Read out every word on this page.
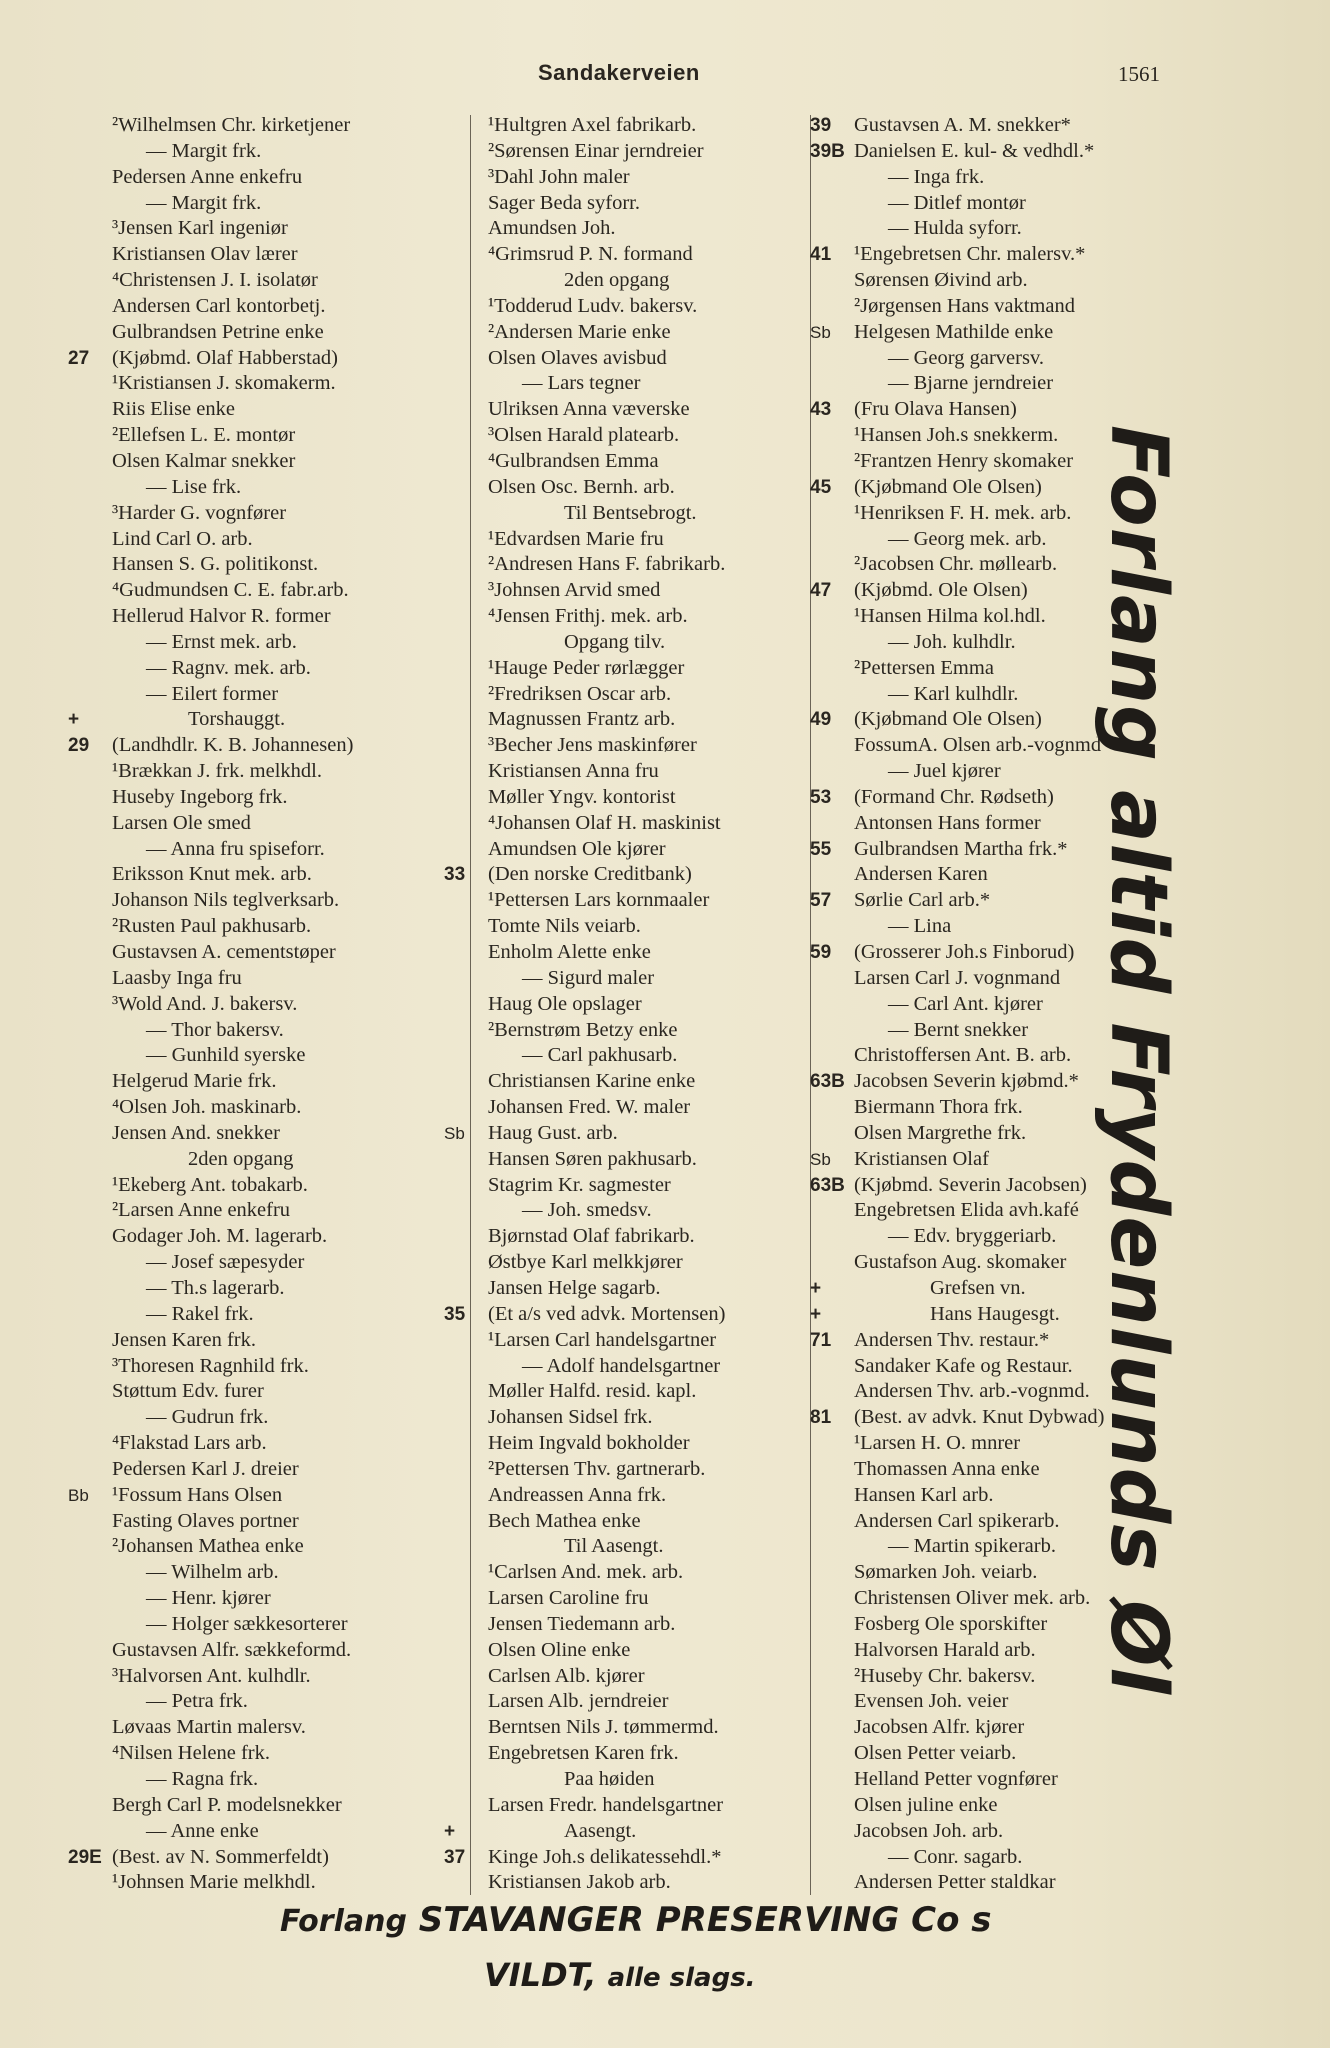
Sandakerveien	1561
²Wilhelmsen Chr. kirketjener
— Margit frk.
Pedersen Anne enkefru
— Margit frk.
³Jensen Karl ingeniør
Kristiansen Olav lærer
⁴Christensen J. I. isolatør
Andersen Carl kontorbetj.
Gulbrandsen Petrine enke
27	(Kjøbmd. Olaf Habberstad)
¹Kristiansen J. skomakerm.
Riis Elise enke
²Ellefsen L. E. montør
Olsen Kalmar snekker
— Lise frk.
³Harder G. vognfører
Lind Carl O. arb.
Hansen S. G. politikonst.
⁴Gudmundsen C. E. fabr.arb.
Hellerud Halvor R. former
— Ernst mek. arb.
— Ragnv. mek. arb.
— Eilert former
+	Torshauggt.
29	(Landhdlr. K. B. Johannesen)
¹Brækkan J. frk. melkhdl.
Huseby Ingeborg frk.
Larsen Ole smed
— Anna fru spiseforr.
Eriksson Knut mek. arb.
Johanson Nils teglverksarb.
²Rusten Paul pakhusarb.
Gustavsen A. cementstøper
Laasby Inga fru
³Wold And. J. bakersv.
— Thor bakersv.
— Gunhild syerske
Helgerud Marie frk.
⁴Olsen Joh. maskinarb.
Jensen And. snekker
2den opgang
¹Ekeberg Ant. tobakarb.
²Larsen Anne enkefru
Godager Joh. M. lagerarb.
— Josef sæpesyder
— Th.s lagerarb.
— Rakel frk.
Jensen Karen frk.
³Thoresen Ragnhild frk.
Støttum Edv. furer
— Gudrun frk.
⁴Flakstad Lars arb.
Pedersen Karl J. dreier
Bb	¹Fossum Hans Olsen
Fasting Olaves portner
²Johansen Mathea enke
— Wilhelm arb.
— Henr. kjører
— Holger sækkesorterer
Gustavsen Alfr. sækkeformd.
³Halvorsen Ant. kulhdlr.
— Petra frk.
Løvaas Martin malersv.
⁴Nilsen Helene frk.
— Ragna frk.
Bergh Carl P. modelsnekker
— Anne enke
29E (Best. av N. Sommerfeldt)
¹Johnsen Marie melkhdl.
¹Hultgren Axel fabrikarb.
²Sørensen Einar jerndreier
³Dahl John maler
Sager Beda syforr.
Amundsen Joh.
⁴Grimsrud P. N. formand
2den opgang
¹Todderud Ludv. bakersv.
²Andersen Marie enke
Olsen Olaves avisbud
— Lars tegner
Ulriksen Anna væverske
³Olsen Harald platearb.
⁴Gulbrandsen Emma
Olsen Osc. Bernh. arb.
Til Bentsebrogt.
¹Edvardsen Marie fru
²Andresen Hans F. fabrikarb.
³Johnsen Arvid smed
⁴Jensen Frithj. mek. arb.
Opgang tilv.
¹Hauge Peder rørlægger
²Fredriksen Oscar arb.
Magnussen Frantz arb.
³Becher Jens maskinfører
Kristiansen Anna fru
Møller Yngv. kontorist
⁴Johansen Olaf H. maskinist
Amundsen Ole kjører
33	(Den norske Creditbank)
¹Pettersen Lars kornmaaler
Tomte Nils veiarb.
Enholm Alette enke
— Sigurd maler
Haug Ole opslager
²Bernstrøm Betzy enke
— Carl pakhusarb.
Christiansen Karine enke
Johansen Fred. W. maler
Sb	Haug Gust. arb.
Hansen Søren pakhusarb.
Stagrim Kr. sagmester
— Joh. smedsv.
Bjørnstad Olaf fabrikarb.
Østbye Karl melkkjører
Jansen Helge sagarb.
35	(Et a/s ved advk. Mortensen)
¹Larsen Carl handelsgartner
— Adolf handelsgartner
Møller Halfd. resid. kapl.
Johansen Sidsel frk.
Heim Ingvald bokholder
²Pettersen Thv. gartnerarb.
Andreassen Anna frk.
Bech Mathea enke
Til Aasengt.
¹Carlsen And. mek. arb.
Larsen Caroline fru
Jensen Tiedemann arb.
Olsen Oline enke
Carlsen Alb. kjører
Larsen Alb. jerndreier
Berntsen Nils J. tømmermd.
Engebretsen Karen frk.
Paa høiden
Larsen Fredr. handelsgartner
+	Aasengt.
37	Kinge Joh.s delikatessehdl.*
Kristiansen Jakob arb.
39	Gustavsen A. M. snekker*
39B Danielsen E. kul- & vedhdl.*
— Inga frk.
— Ditlef montør
— Hulda syforr.
41	¹Engebretsen Chr. malersv.*
Sørensen Øivind arb.
²Jørgensen Hans vaktmand
Sb	Helgesen Mathilde enke
— Georg garversv.
— Bjarne jerndreier
43	(Fru Olava Hansen)
¹Hansen Joh.s snekkerm.
²Frantzen Henry skomaker
45	(Kjøbmand Ole Olsen)
¹Henriksen F. H. mek. arb.
— Georg mek. arb.
²Jacobsen Chr. møllearb.
47	(Kjøbmd. Ole Olsen)
¹Hansen Hilma kol.hdl.
— Joh. kulhdlr.
²Pettersen Emma
— Karl kulhdlr.
49	(Kjøbmand Ole Olsen)
FossumA. Olsen arb.-vognmd
— Juel kjører
53	(Formand Chr. Rødseth)
Antonsen Hans former
55	Gulbrandsen Martha frk.*
Andersen Karen
57	Sørlie Carl arb.*
— Lina
59	(Grosserer Joh.s Finborud)
Larsen Carl J. vognmand
— Carl Ant. kjører
— Bernt snekker
Christoffersen Ant. B. arb.
63B Jacobsen Severin kjøbmd.*
Biermann Thora frk.
Olsen Margrethe frk.
Sb	Kristiansen Olaf
63B (Kjøbmd. Severin Jacobsen)
Engebretsen Elida avh.kafé
— Edv. bryggeriarb.
Gustafson Aug. skomaker
+	Grefsen vn.
+	Hans Haugesgt.
71	Andersen Thv. restaur.*
Sandaker Kafe og Restaur.
Andersen Thv. arb.-vognmd.
81	(Best. av advk. Knut Dybwad)
¹Larsen H. O. mnrer
Thomassen Anna enke
Hansen Karl arb.
Andersen Carl spikerarb.
— Martin spikerarb.
Sømarken Joh. veiarb.
Christensen Oliver mek. arb.
Fosberg Ole sporskifter
Halvorsen Harald arb.
²Huseby Chr. bakersv.
Evensen Joh. veier
Jacobsen Alfr. kjører
Olsen Petter veiarb.
Helland Petter vognfører
Olsen juline enke
Jacobsen Joh. arb.
— Conr. sagarb.
Andersen Petter staldkar
Forlang altid Frydenlunds Øl
Forlang STAVANGER PRESERVING Co s
VILDT, alle slags.
